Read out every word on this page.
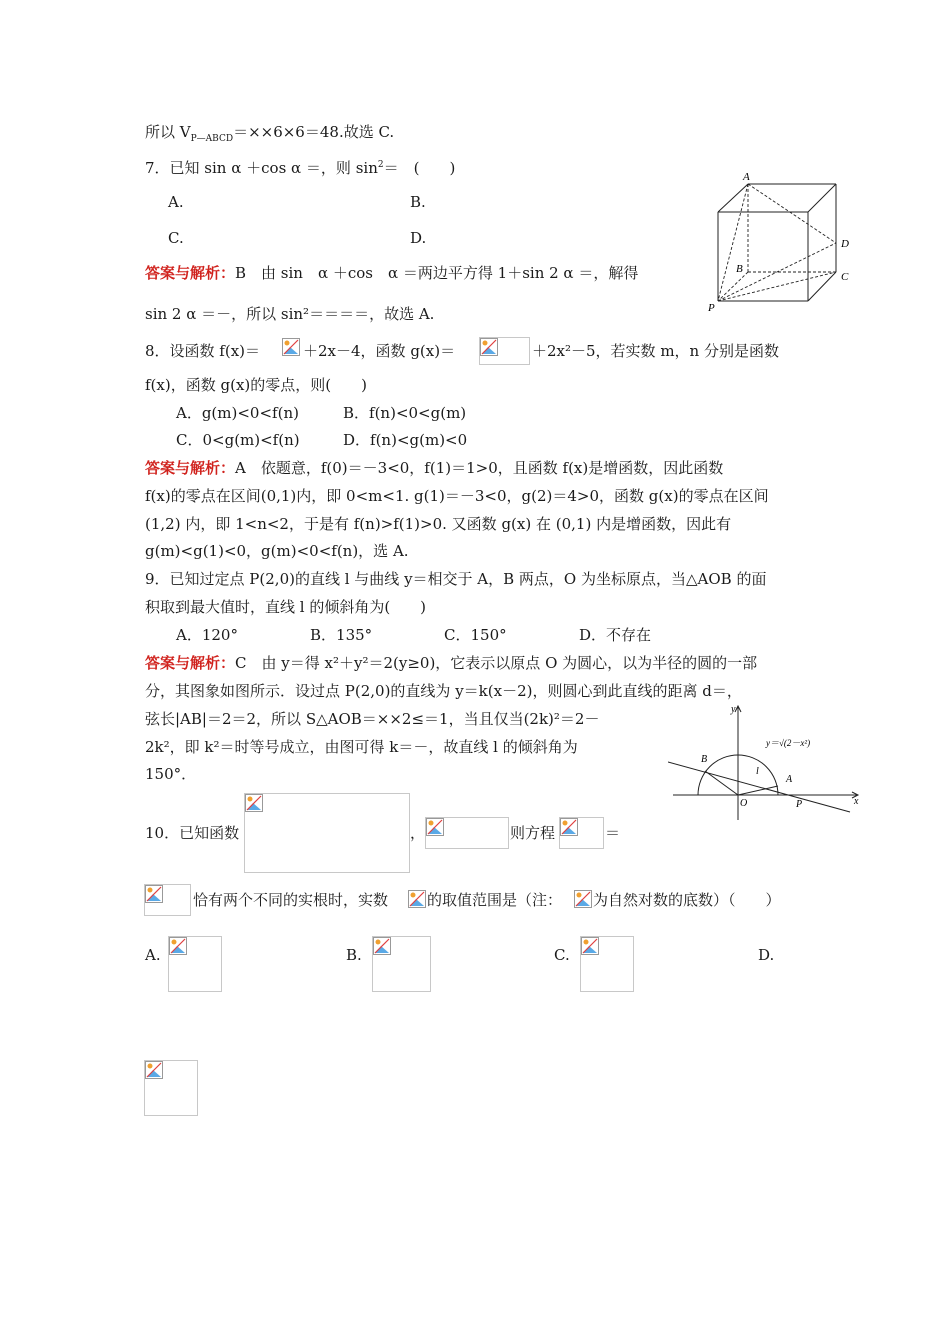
所以 $V_{P—ABCD}=\times\times 6\times 6=48$.故选 C.
7．已知 sin α ＋cos α ＝，则 $\sin^2=$　(　　)
A.	B.
C.	D.
答案与解析：B　由 sin　α ＋cos　α ＝两边平方得 1＋sin 2 α ＝，解得
sin 2 α ＝－，所以 sin²＝＝＝＝，故选 A.
A
D
B
C
P
8．设函数 f(x)＝	＋2x－4，函数 g(x)＝	＋2x²－5，若实数 m，n 分别是函数
f(x)，函数 g(x)的零点，则(　　)
A．g(m)<0<f(n)	B．f(n)<0<g(m)
C．0<g(m)<f(n)	D．f(n)<g(m)<0
答案与解析：A　依题意，f(0)＝－3<0，f(1)＝1>0，且函数 f(x)是增函数，因此函数
f(x)的零点在区间(0,1)内，即 0<m<1. g(1)＝－3<0，g(2)＝4>0，函数 g(x)的零点在区间
(1,2) 内，即 1<n<2，于是有 f(n)>f(1)>0. 又函数 g(x) 在 (0,1) 内是增函数，因此有
g(m)<g(1)<0，g(m)<0<f(n)，选 A.
9．已知过定点 P(2,0)的直线 l 与曲线 y＝相交于 A，B 两点，O 为坐标原点，当△AOB 的面
积取到最大值时，直线 l 的倾斜角为(　　)
A．120°	B．135°	C．150°	D．不存在
答案与解析：C　由 y＝得 x²＋y²＝2(y≥0)，它表示以原点 O 为圆心，以为半径的圆的一部
分，其图象如图所示．设过点 P(2,0)的直线为 y＝k(x－2)，则圆心到此直线的距离 d＝，
弦长|AB|＝2＝2，所以 S△AOB＝××2≤＝1，当且仅当(2k)²＝2－
2k²，即 k²＝时等号成立，由图可得 k＝－，故直线 l 的倾斜角为
150°．
y
x
O	P
A
B
l
y＝√(2－x²)
10．已知函数	，	则方程	＝
恰有两个不同的实根时，实数	的取值范围是（注： 为自然对数的底数）（　　）
A.	B.	C.	D.
